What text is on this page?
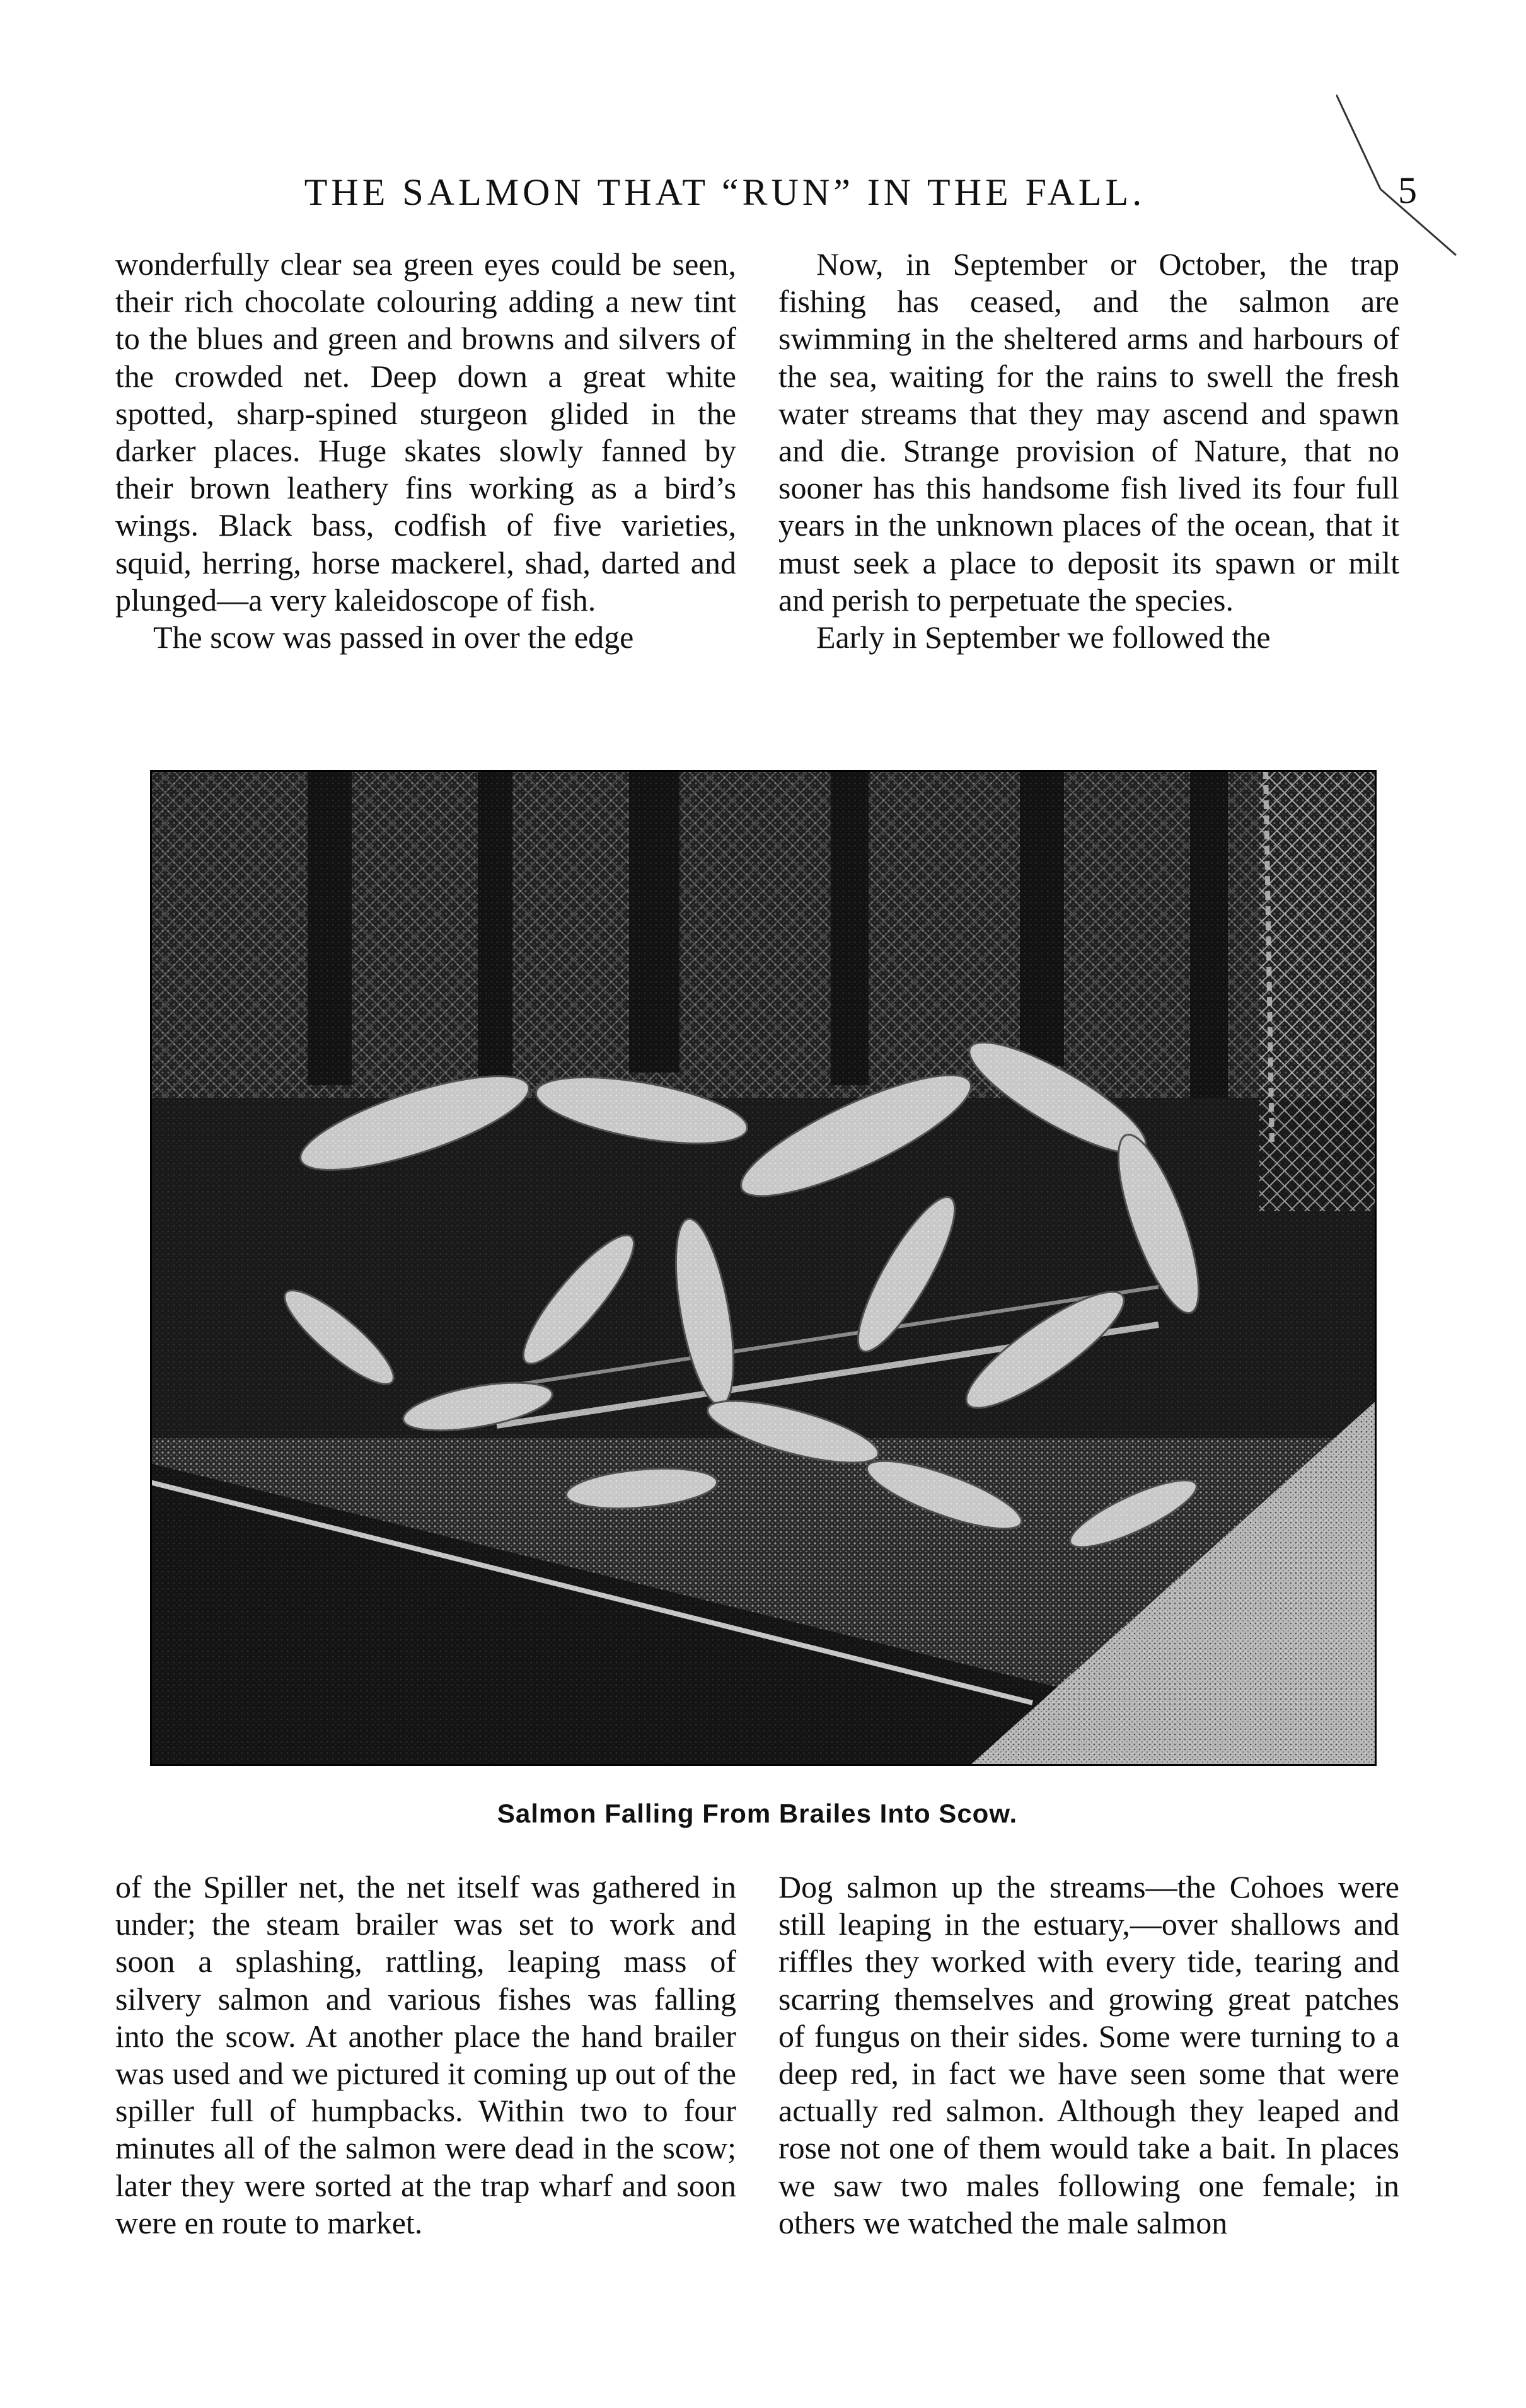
THE SALMON THAT “RUN” IN THE FALL.	5

wonderfully clear sea green eyes could be seen, their rich chocolate colouring adding a new tint to the blues and green and browns and silvers of the crowded net. Deep down a great white spotted, sharp-spined sturgeon glided in the darker places. Huge skates slowly fanned by their brown leathery fins working as a bird’s wings. Black bass, codfish of five varieties, squid, herring, horse mackerel, shad, darted and plunged—a very kaleidoscope of fish.

The scow was passed in over the edge

Now, in September or October, the trap fishing has ceased, and the salmon are swimming in the sheltered arms and harbours of the sea, waiting for the rains to swell the fresh water streams that they may ascend and spawn and die. Strange provision of Nature, that no sooner has this handsome fish lived its four full years in the unknown places of the ocean, that it must seek a place to deposit its spawn or milt and perish to perpetuate the species.

Early in September we followed the

Salmon Falling From Brailes Into Scow.

of the Spiller net, the net itself was gathered in under; the steam brailer was set to work and soon a splashing, rattling, leaping mass of silvery salmon and various fishes was falling into the scow. At another place the hand brailer was used and we pictured it coming up out of the spiller full of humpbacks. Within two to four minutes all of the salmon were dead in the scow; later they were sorted at the trap wharf and soon were en route to market.

Dog salmon up the streams—the Cohoes were still leaping in the estuary,—over shallows and riffles they worked with every tide, tearing and scarring themselves and growing great patches of fungus on their sides. Some were turning to a deep red, in fact we have seen some that were actually red salmon. Although they leaped and rose not one of them would take a bait. In places we saw two males following one female; in others we watched the male salmon
